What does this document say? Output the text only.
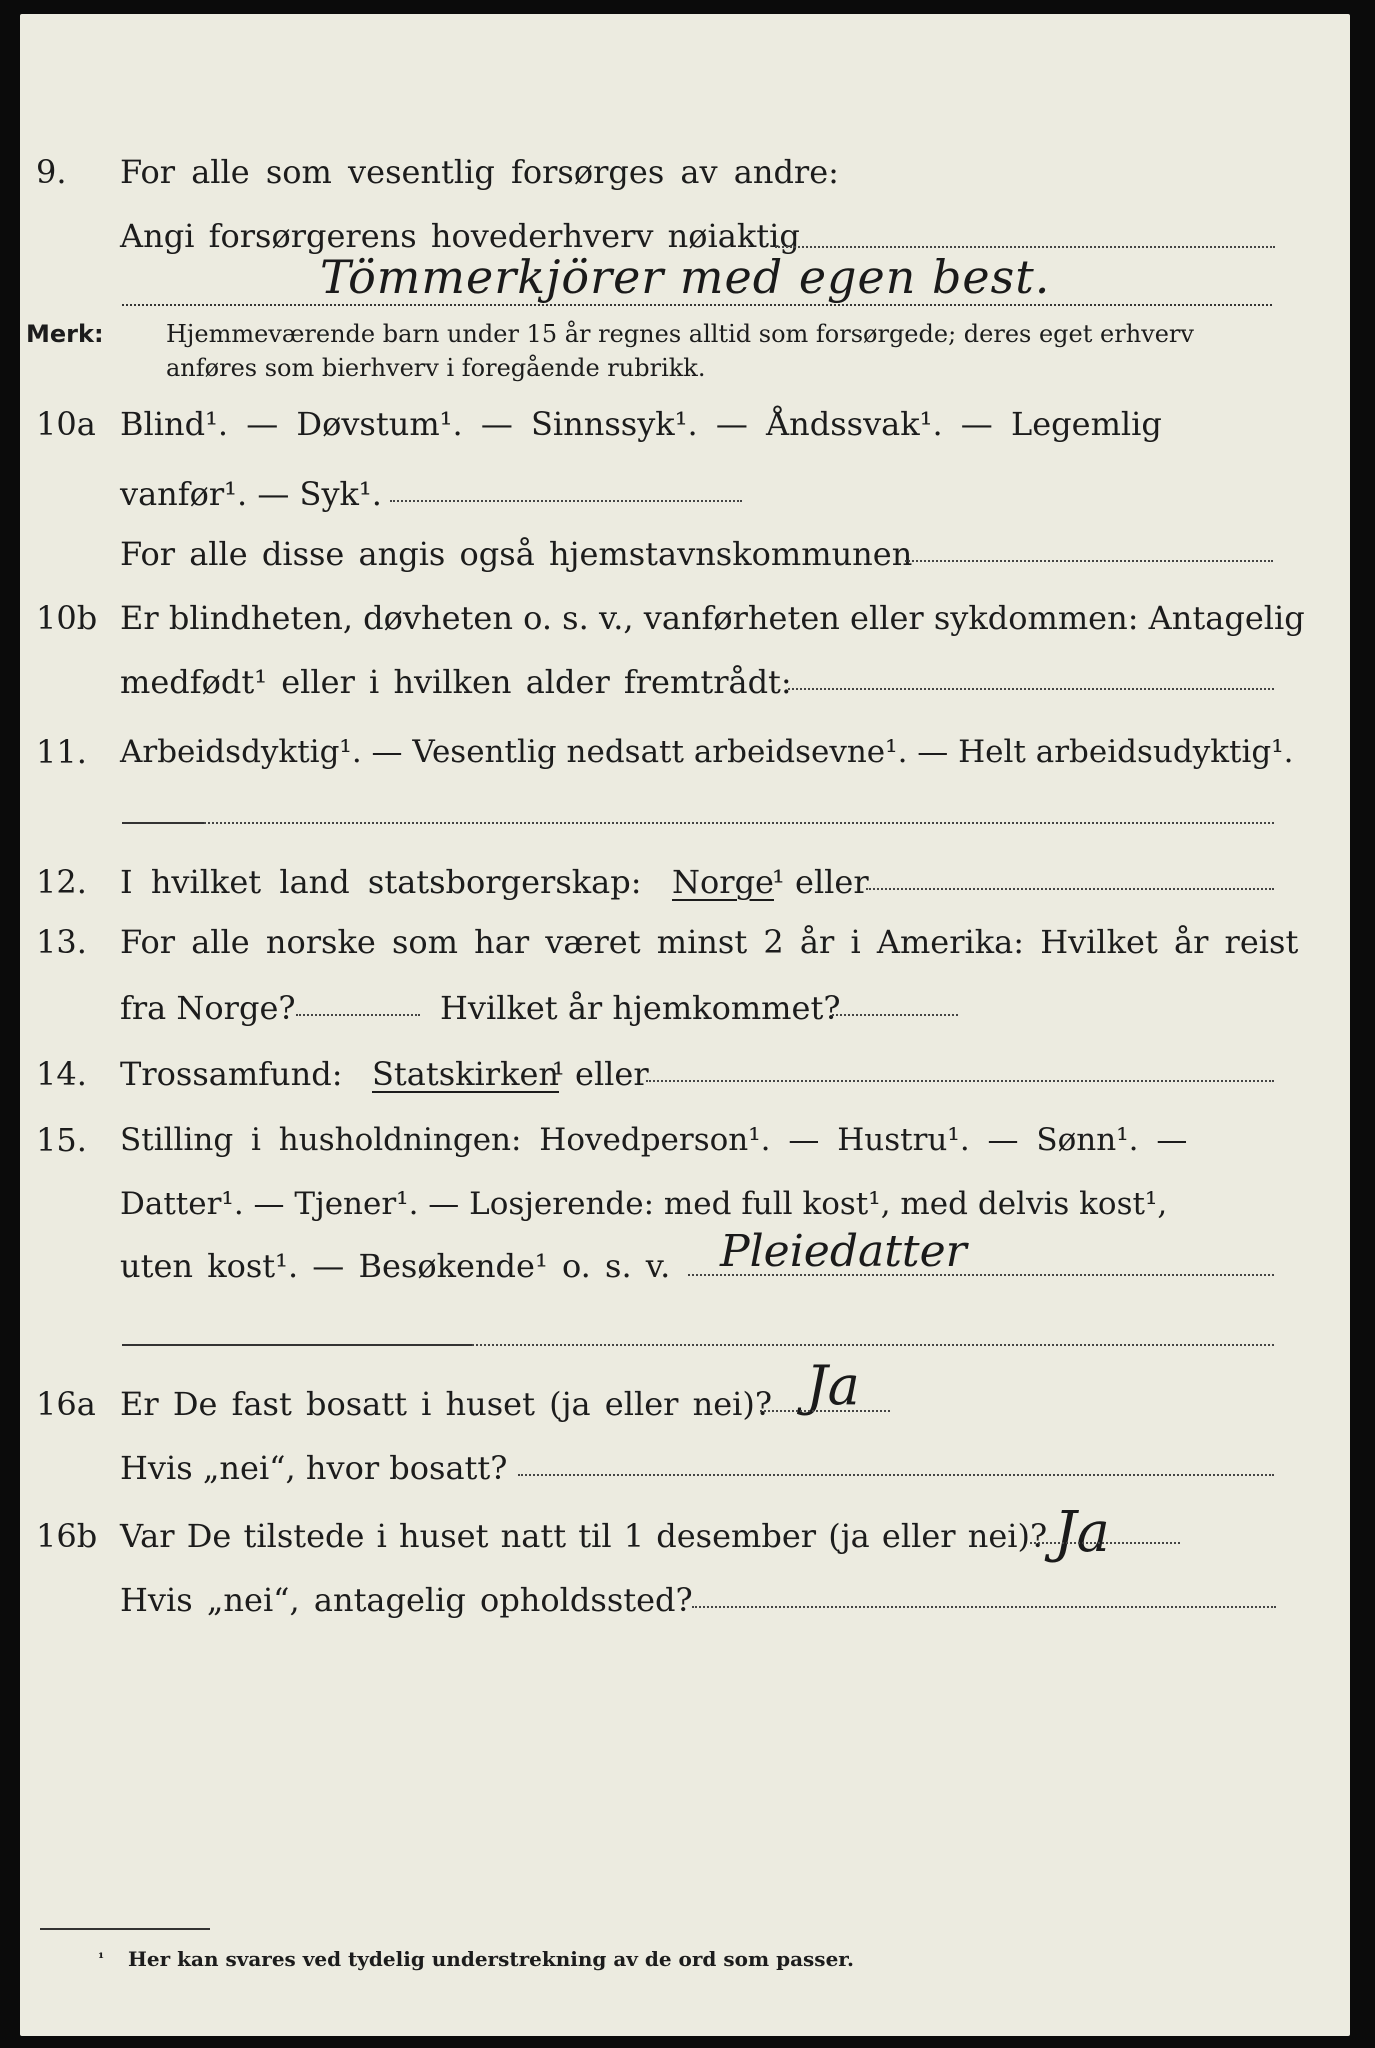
9. For alle som vesentlig forsørges av andre:
Angi forsørgerens hovederhverv nøiaktig
Tömmerkjörer med egen best.
Merk:	Hjemmeværende barn under 15 år regnes alltid som forsørgede; deres eget erhverv
anføres som bierhverv i foregående rubrikk.
10a Blind¹. — Døvstum¹. — Sinnssyk¹. — Åndssvak¹. — Legemlig
vanfør¹. — Syk¹.
For alle disse angis også hjemstavnskommunen
10b Er blindheten, døvheten o. s. v., vanførheten eller sykdommen: Antagelig
medfødt¹ eller i hvilken alder fremtrådt:
11. Arbeidsdyktig¹. — Vesentlig nedsatt arbeidsevne¹. — Helt arbeidsudyktig¹.
12. I hvilket land statsborgerskap: Norge
¹ eller
13. For alle norske som har været minst 2 år i Amerika: Hvilket år reist
fra Norge?	Hvilket år hjemkommet?
14. Trossamfund: Statskirken
¹ eller
15. Stilling i husholdningen: Hovedperson¹. — Hustru¹. — Sønn¹. —
Datter¹. — Tjener¹. — Losjerende: med full kost¹, med delvis kost¹,
uten kost¹. — Besøkende¹ o. s. v. Pleiedatter
16a Er De fast bosatt i huset (ja eller nei)? Ja
Hvis „nei“, hvor bosatt?
16b Var De tilstede i huset natt til 1 desember (ja eller nei)? Ja
Hvis „nei“, antagelig opholdssted?
¹ Her kan svares ved tydelig understrekning av de ord som passer.
